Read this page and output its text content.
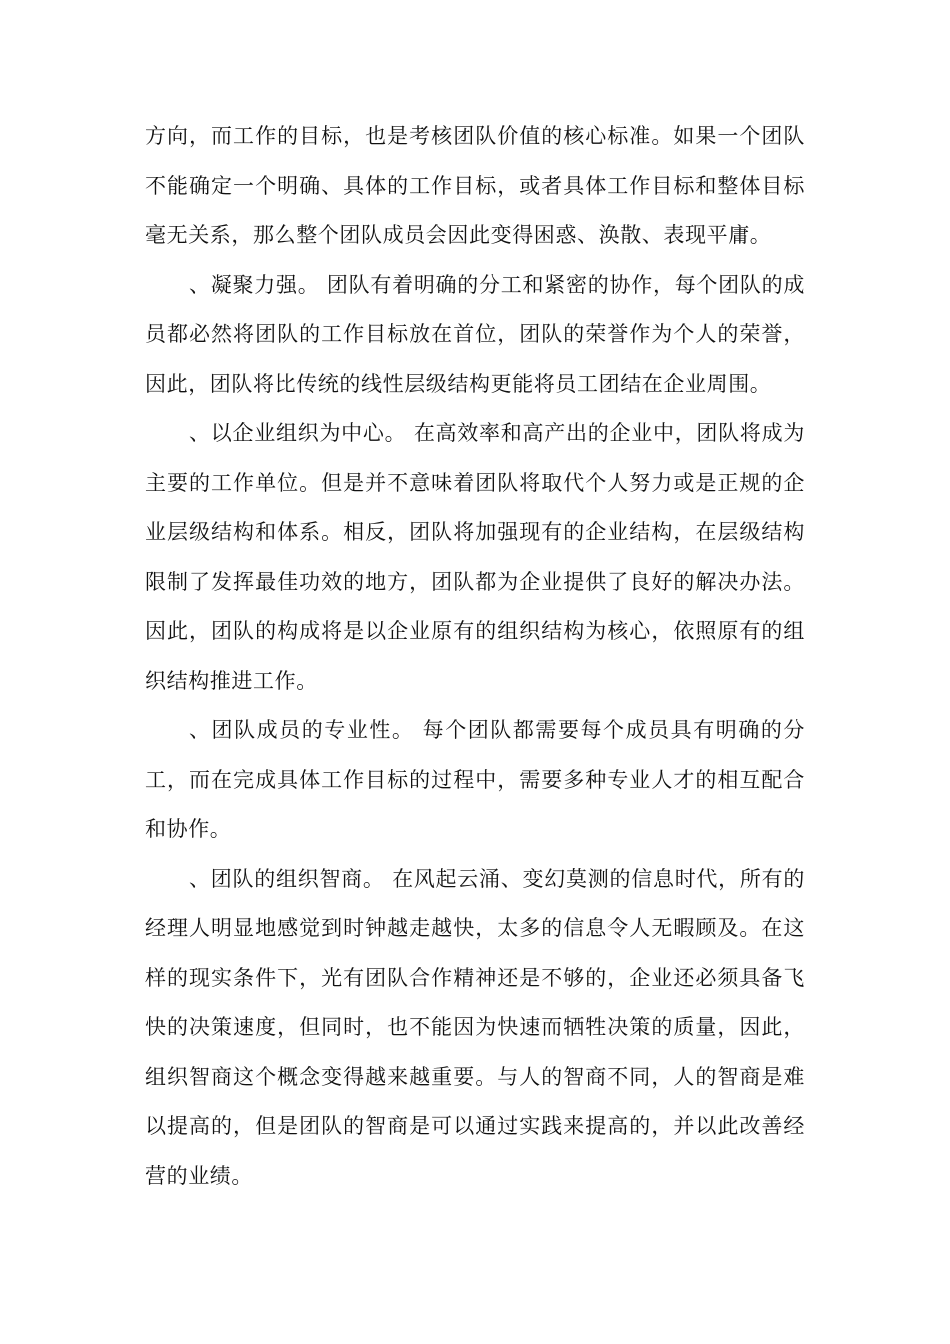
方向，而工作的目标，也是考核团队价值的核心标准。如果一个团队不能确定一个明确、具体的工作目标，或者具体工作目标和整体目标毫无关系，那么整个团队成员会因此变得困惑、涣散、表现平庸。

、凝聚力强。 团队有着明确的分工和紧密的协作，每个团队的成员都必然将团队的工作目标放在首位，团队的荣誉作为个人的荣誉，因此，团队将比传统的线性层级结构更能将员工团结在企业周围。

、以企业组织为中心。 在高效率和高产出的企业中，团队将成为主要的工作单位。但是并不意味着团队将取代个人努力或是正规的企业层级结构和体系。相反，团队将加强现有的企业结构，在层级结构限制了发挥最佳功效的地方，团队都为企业提供了良好的解决办法。因此，团队的构成将是以企业原有的组织结构为核心，依照原有的组织结构推进工作。

、团队成员的专业性。 每个团队都需要每个成员具有明确的分工，而在完成具体工作目标的过程中，需要多种专业人才的相互配合和协作。

、团队的组织智商。 在风起云涌、变幻莫测的信息时代，所有的经理人明显地感觉到时钟越走越快，太多的信息令人无暇顾及。在这样的现实条件下，光有团队合作精神还是不够的，企业还必须具备飞快的决策速度，但同时，也不能因为快速而牺牲决策的质量，因此，组织智商这个概念变得越来越重要。与人的智商不同，人的智商是难以提高的，但是团队的智商是可以通过实践来提高的，并以此改善经营的业绩。
